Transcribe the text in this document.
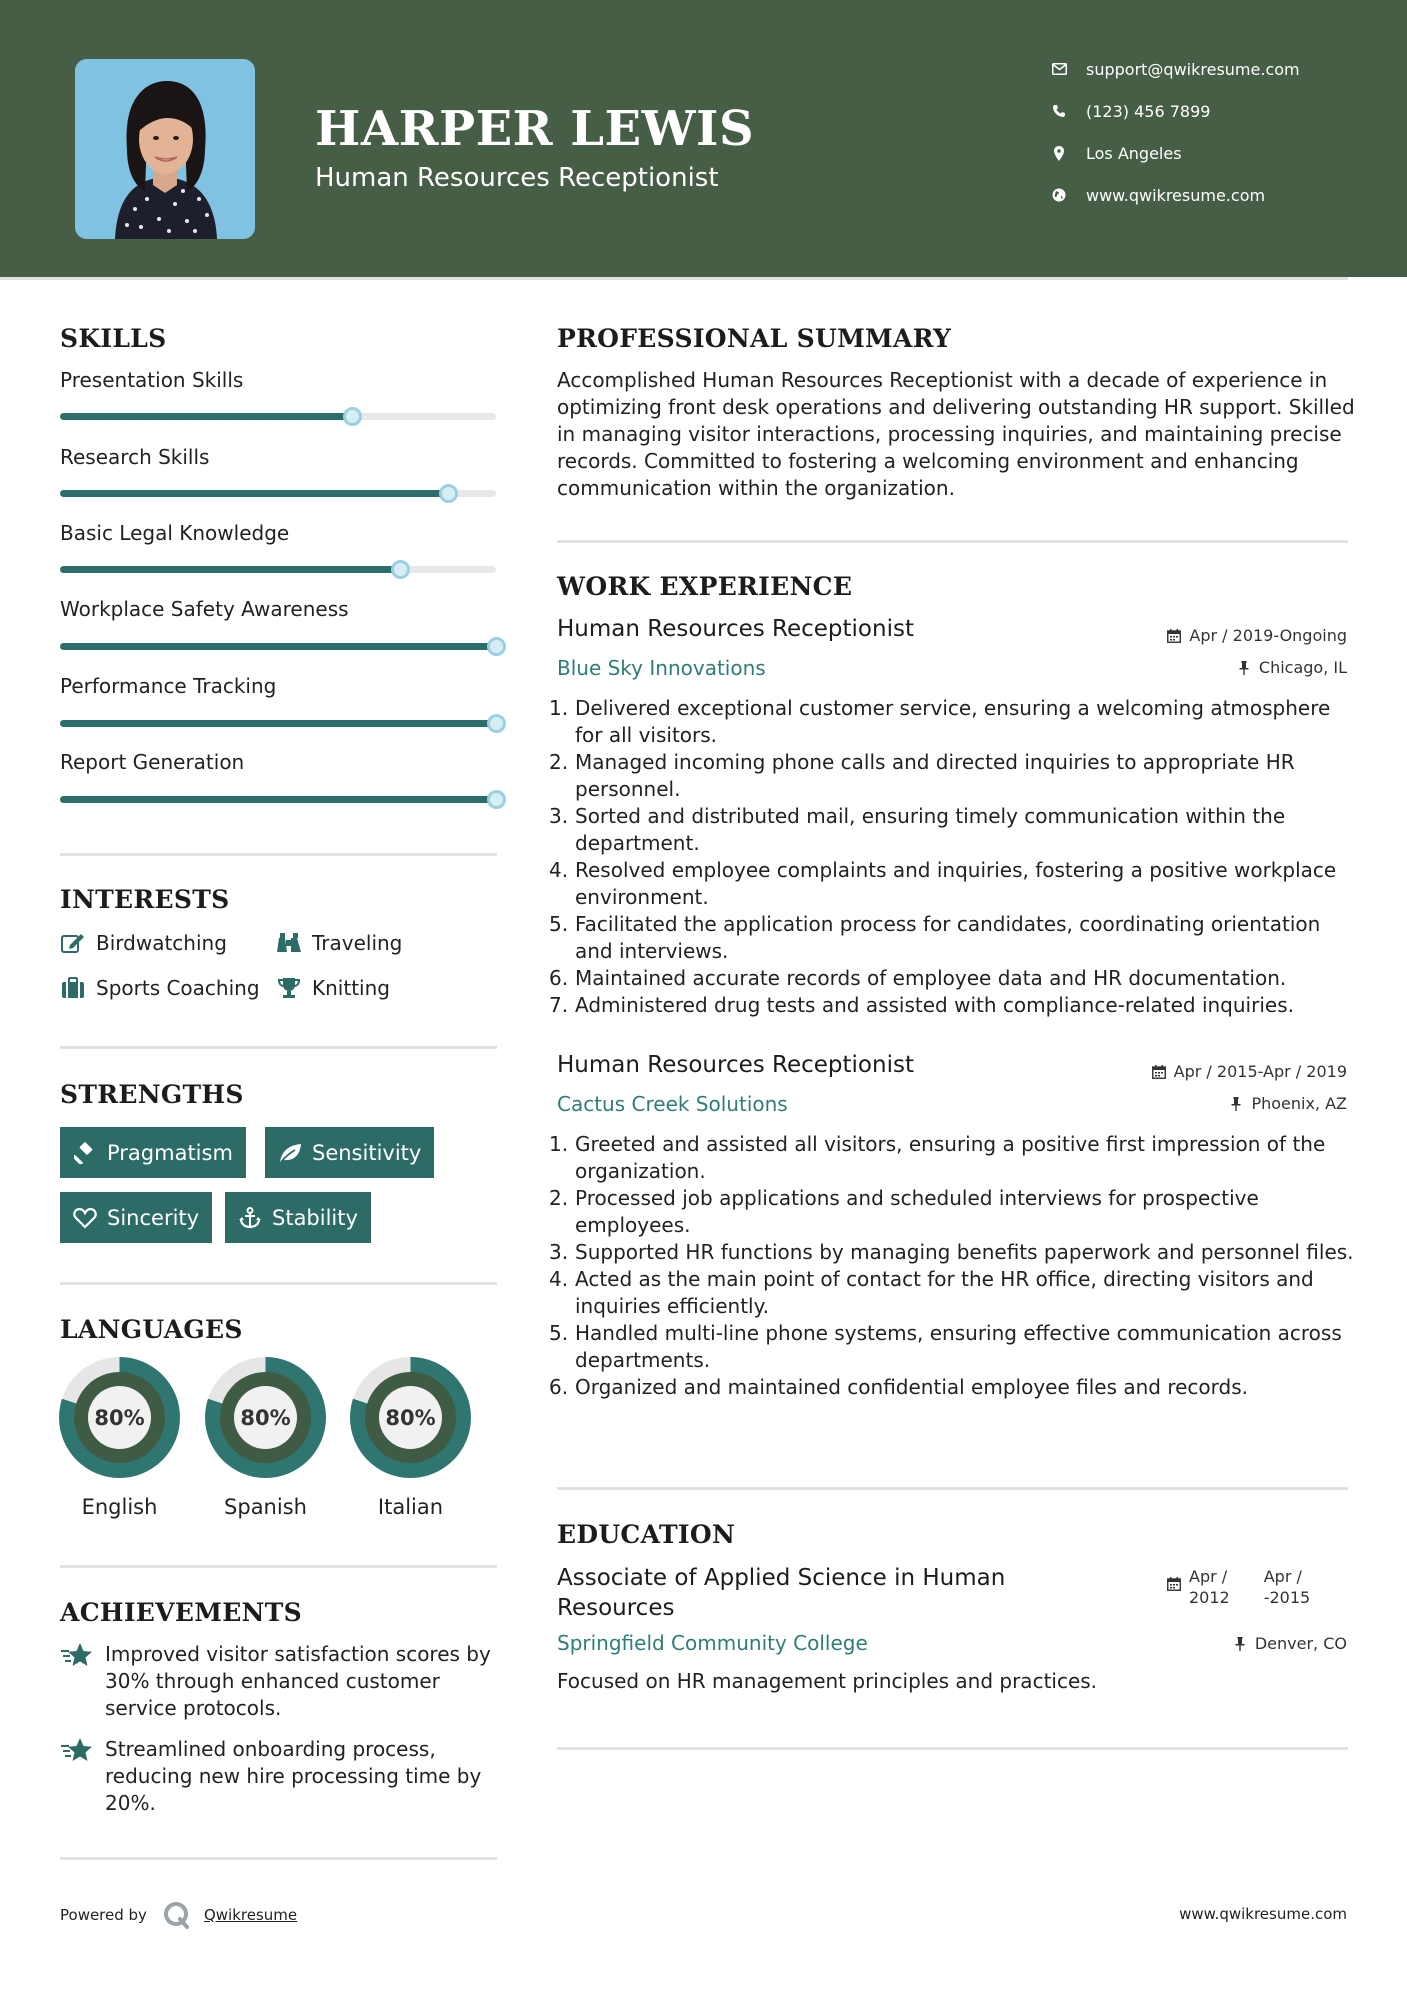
HARPER LEWIS
Human Resources Receptionist
support@qwikresume.com
(123) 456 7899
Los Angeles
www.qwikresume.com
SKILLS
Presentation Skills
Research Skills
Basic Legal Knowledge
Workplace Safety Awareness
Performance Tracking
Report Generation
INTERESTS
Birdwatching	Traveling
Sports Coaching	Knitting
STRENGTHS
Pragmatism	Sensitivity
Sincerity	Stability
LANGUAGES
80%
English
80%
Spanish
80%
Italian
ACHIEVEMENTS
Improved visitor satisfaction scores by 30% through enhanced customer service protocols.
Streamlined onboarding process, reducing new hire processing time by 20%.
PROFESSIONAL SUMMARY
Accomplished Human Resources Receptionist with a decade of experience in optimizing front desk operations and delivering outstanding HR support. Skilled in managing visitor interactions, processing inquiries, and maintaining precise records. Committed to fostering a welcoming environment and enhancing communication within the organization.
WORK EXPERIENCE
Human Resources Receptionist	Apr / 2019-Ongoing
Blue Sky Innovations	Chicago, IL
1. Delivered exceptional customer service, ensuring a welcoming atmosphere for all visitors.
2. Managed incoming phone calls and directed inquiries to appropriate HR personnel.
3. Sorted and distributed mail, ensuring timely communication within the department.
4. Resolved employee complaints and inquiries, fostering a positive workplace environment.
5. Facilitated the application process for candidates, coordinating orientation and interviews.
6. Maintained accurate records of employee data and HR documentation.
7. Administered drug tests and assisted with compliance-related inquiries.
Human Resources Receptionist	Apr / 2015-Apr / 2019
Cactus Creek Solutions	Phoenix, AZ
1. Greeted and assisted all visitors, ensuring a positive first impression of the organization.
2. Processed job applications and scheduled interviews for prospective employees.
3. Supported HR functions by managing benefits paperwork and personnel files.
4. Acted as the main point of contact for the HR office, directing visitors and inquiries efficiently.
5. Handled multi-line phone systems, ensuring effective communication across departments.
6. Organized and maintained confidential employee files and records.
EDUCATION
Associate of Applied Science in Human Resources
Apr /
2012
Apr /
-2015
Springfield Community College	Denver, CO
Focused on HR management principles and practices.
Powered by	Qwikresume	www.qwikresume.com
